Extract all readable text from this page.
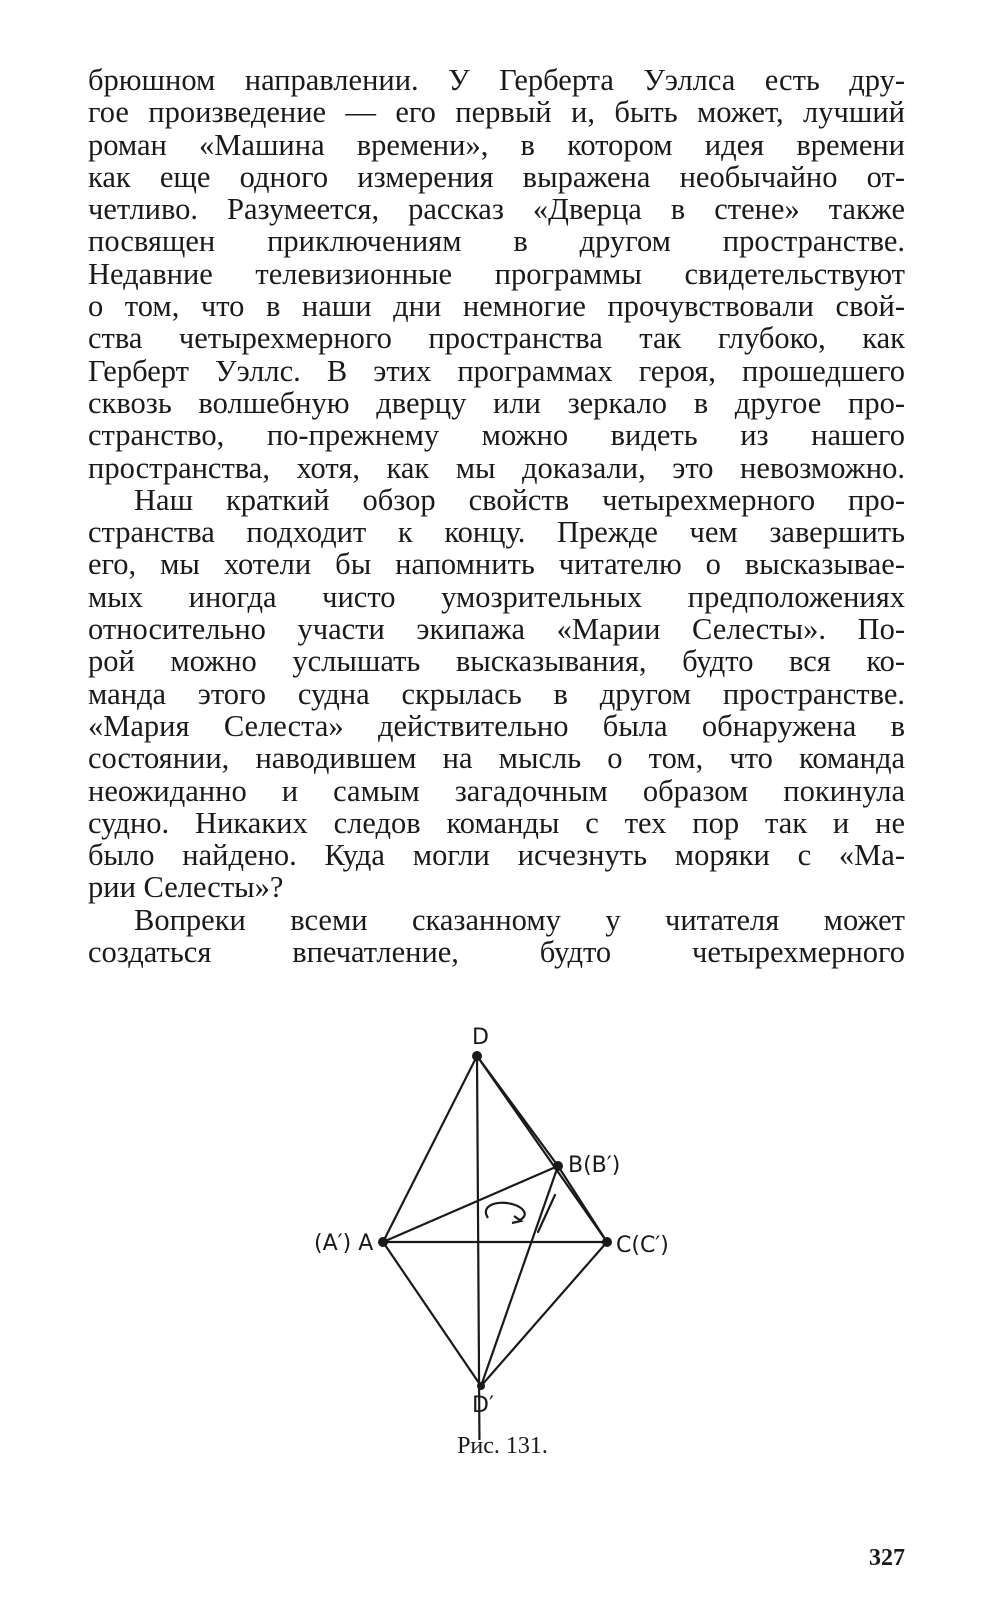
брюшном направлении. У Герберта Уэллса есть дру-
гое произведение — его первый и, быть может, лучший
роман «Машина времени», в котором идея времени
как еще одного измерения выражена необычайно от-
четливо. Разумеется, рассказ «Дверца в стене» также
посвящен приключениям в другом пространстве.
Недавние телевизионные программы свидетельствуют
о том, что в наши дни немногие прочувствовали свой-
ства четырехмерного пространства так глубоко, как
Герберт Уэллс. В этих программах героя, прошедшего
сквозь волшебную дверцу или зеркало в другое про-
странство, по-прежнему можно видеть из нашего
пространства, хотя, как мы доказали, это невозможно.
Наш краткий обзор свойств четырехмерного про-
странства подходит к концу. Прежде чем завершить
его, мы хотели бы напомнить читателю о высказывае-
мых иногда чисто умозрительных предположениях
относительно участи экипажа «Марии Селесты». По-
рой можно услышать высказывания, будто вся ко-
манда этого судна скрылась в другом пространстве.
«Мария Селеста» действительно была обнаружена в
состоянии, наводившем на мысль о том, что команда
неожиданно и самым загадочным образом покинула
судно. Никаких следов команды с тех пор так и не
было найдено. Куда могли исчезнуть моряки с «Ма-
рии Селесты»?
Вопреки всеми сказанному у читателя может
создаться впечатление, будто четырехмерного
D
B(B′)
(A′) A	C(C′)
D′
Рис. 131.
327
